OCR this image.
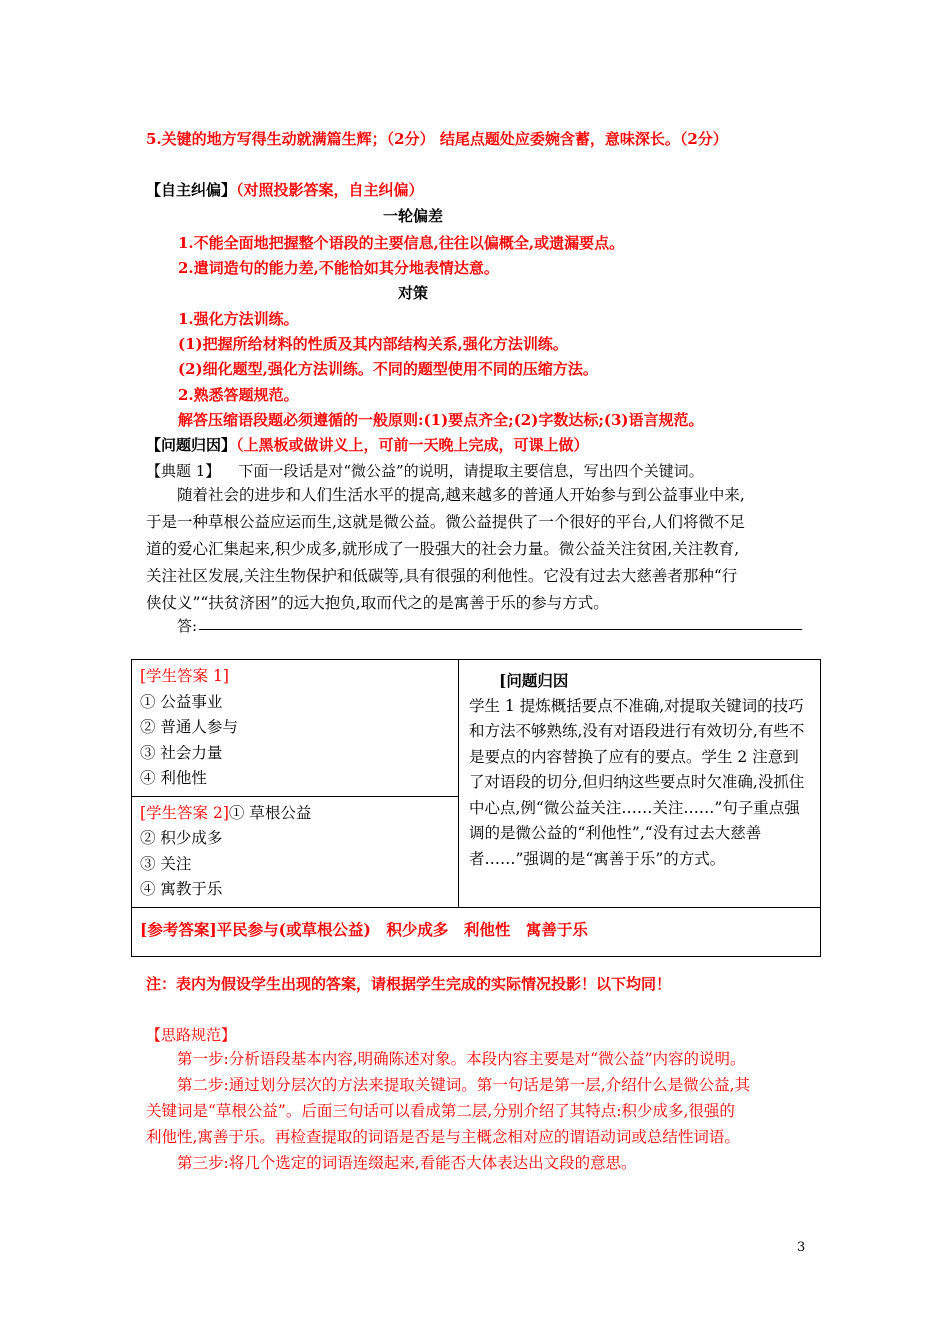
5.关键的地方写得生动就满篇生辉；（2分） 结尾点题处应委婉含蓄，意味深长。（2分）
【自主纠偏】（对照投影答案，自主纠偏）
一轮偏差
1.不能全面地把握整个语段的主要信息,往往以偏概全,或遗漏要点。
2.遣词造句的能力差,不能恰如其分地表情达意。
对策
1.强化方法训练。
(1)把握所给材料的性质及其内部结构关系,强化方法训练。
(2)细化题型,强化方法训练。不同的题型使用不同的压缩方法。
2.熟悉答题规范。
解答压缩语段题必须遵循的一般原则:(1)要点齐全;(2)字数达标;(3)语言规范。
【问题归因】（上黑板或做讲义上，可前一天晚上完成，可课上做）
【典题 1】 下面一段话是对“微公益”的说明，请提取主要信息，写出四个关键词。
随着社会的进步和人们生活水平的提高,越来越多的普通人开始参与到公益事业中来,
于是一种草根公益应运而生,这就是微公益。微公益提供了一个很好的平台,人们将微不足
道的爱心汇集起来,积少成多,就形成了一股强大的社会力量。微公益关注贫困,关注教育,
关注社区发展,关注生物保护和低碳等,具有很强的利他性。它没有过去大慈善者那种“行
侠仗义”“扶贫济困”的远大抱负,取而代之的是寓善于乐的参与方式。
答:
[学生答案 1]
① 公益事业
② 普通人参与
③ 社会力量
④ 利他性

[问题归因
学生 1 提炼概括要点不准确,对提取关键词的技巧和方法不够熟练,没有对语段进行有效切分,有些不是要点的内容替换了应有的要点。学生 2 注意到了对语段的切分,但归纳这些要点时欠准确,没抓住中心点,例“微公益关注……关注……”句子重点强调的是微公益的“利他性”,“没有过去大慈善者……”强调的是“寓善于乐”的方式。

[学生答案 2]① 草根公益
② 积少成多
③ 关注
④ 寓教于乐

[参考答案]平民参与(或草根公益)　积少成多　利他性　寓善于乐
注：表内为假设学生出现的答案，请根据学生完成的实际情况投影！以下均同！
【思路规范】
第一步:分析语段基本内容,明确陈述对象。本段内容主要是对“微公益”内容的说明。
第二步:通过划分层次的方法来提取关键词。第一句话是第一层,介绍什么是微公益,其
关键词是“草根公益”。后面三句话可以看成第二层,分别介绍了其特点:积少成多,很强的
利他性,寓善于乐。再检查提取的词语是否是与主概念相对应的谓语动词或总结性词语。
第三步:将几个选定的词语连缀起来,看能否大体表达出文段的意思。
3
